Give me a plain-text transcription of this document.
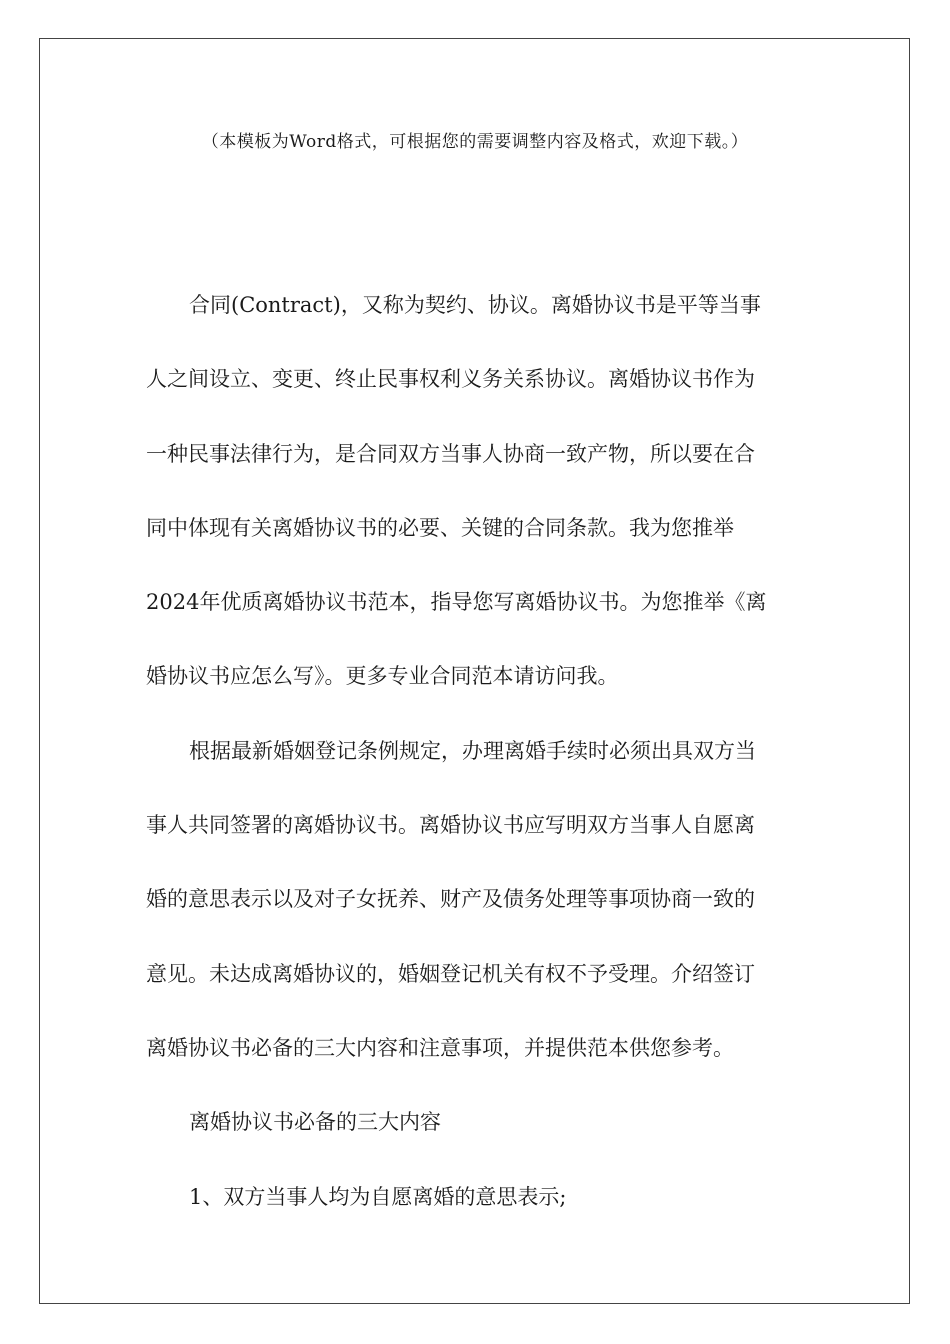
（本模板为Word格式，可根据您的需要调整内容及格式，欢迎下载。）
合同(Contract)，又称为契约、协议。离婚协议书是平等当事
人之间设立、变更、终止民事权利义务关系协议。离婚协议书作为
一种民事法律行为，是合同双方当事人协商一致产物，所以要在合
同中体现有关离婚协议书的必要、关键的合同条款。我为您推举
2024年优质离婚协议书范本，指导您写离婚协议书。为您推举《离
婚协议书应怎么写》。更多专业合同范本请访问我。
根据最新婚姻登记条例规定，办理离婚手续时必须出具双方当
事人共同签署的离婚协议书。离婚协议书应写明双方当事人自愿离
婚的意思表示以及对子女抚养、财产及债务处理等事项协商一致的
意见。未达成离婚协议的，婚姻登记机关有权不予受理。介绍签订
离婚协议书必备的三大内容和注意事项，并提供范本供您参考。
离婚协议书必备的三大内容
1、双方当事人均为自愿离婚的意思表示;
